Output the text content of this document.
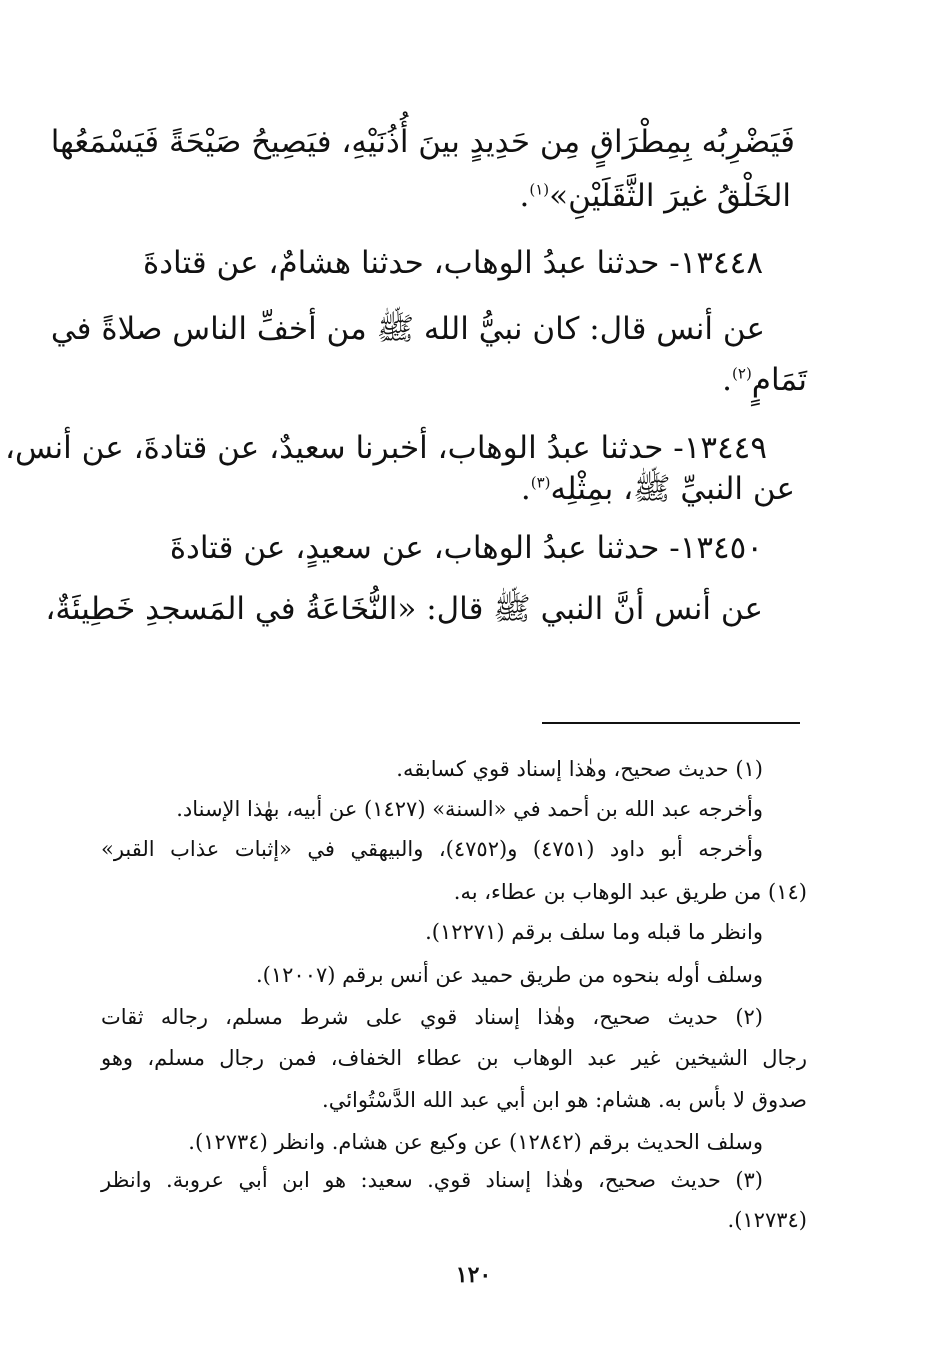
فَيَضْرِبُه بِمِطْرَاقٍ مِن حَدِيدٍ بينَ أُذُنَيْهِ، فيَصِيحُ صَيْحَةً فَيَسْمَعُها
الخَلْقُ غيرَ الثَّقَلَيْنِ»$^{(١)}$.
١٣٤٤٨- حدثنا عبدُ الوهاب، حدثنا هشامٌ، عن قتادةَ
عن أنس قال: كان نبيُّ الله ﷺ من أخفِّ الناس صلاةً في
تَمَامٍ$^{(٢)}$.
١٣٤٤٩- حدثنا عبدُ الوهاب، أخبرنا سعيدٌ، عن قتادةَ، عن أنس،
عن النبيِّ ﷺ، بمِثْلِه$^{(٣)}$.
١٣٤٥٠- حدثنا عبدُ الوهاب، عن سعيدٍ، عن قتادةَ
عن أنس أنَّ النبي ﷺ قال: «النُّخَاعَةُ في المَسجدِ خَطِيئَةٌ،
(١) حديث صحيح، وهٰذا إسناد قوي كسابقه.
وأخرجه عبد الله بن أحمد في «السنة» (١٤٢٧) عن أبيه، بهٰذا الإسناد.
وأخرجه أبو داود (٤٧٥١) و(٤٧٥٢)، والبيهقي في «إثبات عذاب القبر»
(١٤) من طريق عبد الوهاب بن عطاء، به.
وانظر ما قبله وما سلف برقم (١٢٢٧١).
وسلف أوله بنحوه من طريق حميد عن أنس برقم (١٢٠٠٧).
(٢) حديث صحيح، وهٰذا إسناد قوي على شرط مسلم، رجاله ثقات
رجال الشيخين غير عبد الوهاب بن عطاء الخفاف، فمن رجال مسلم، وهو
صدوق لا بأس به. هشام: هو ابن أبي عبد الله الدَّسْتُوائي.
وسلف الحديث برقم (١٢٨٤٢) عن وكيع عن هشام. وانظر (١٢٧٣٤).
(٣) حديث صحيح، وهٰذا إسناد قوي. سعيد: هو ابن أبي عروبة. وانظر
(١٢٧٣٤).
١٢٠
